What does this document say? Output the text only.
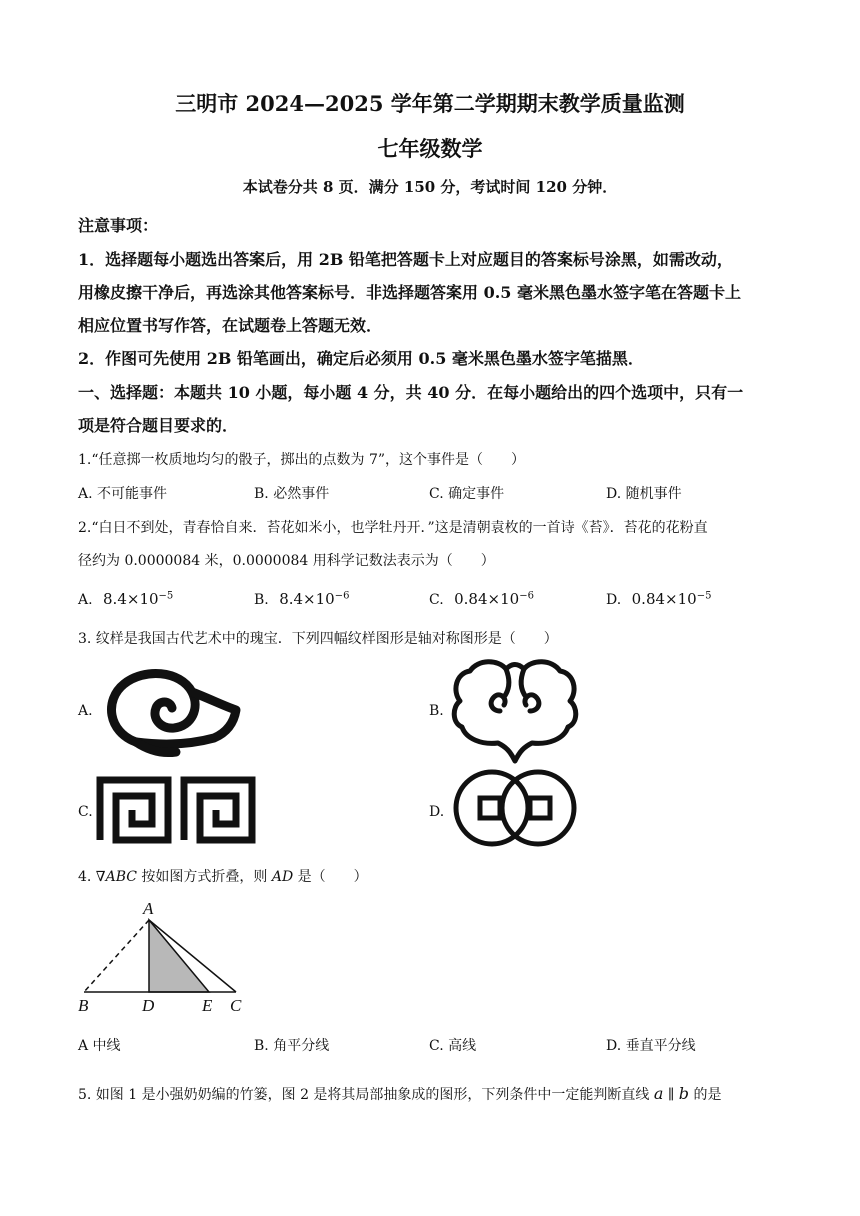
三明市 2024—2025 学年第二学期期末教学质量监测
七年级数学
本试卷分共 8 页．满分 150 分，考试时间 120 分钟．
注意事项：
1．选择题每小题选出答案后，用 2B 铅笔把答题卡上对应题目的答案标号涂黑，如需改动，
用橡皮擦干净后，再选涂其他答案标号．非选择题答案用 0.5 毫米黑色墨水签字笔在答题卡上
相应位置书写作答，在试题卷上答题无效．
2．作图可先使用 2B 铅笔画出，确定后必须用 0.5 毫米黑色墨水签字笔描黑．
一、选择题：本题共 10 小题，每小题 4 分，共 40 分．在每小题给出的四个选项中，只有一
项是符合题目要求的．
1.“任意掷一枚质地均匀的骰子，掷出的点数为 7”，这个事件是（　　）
A. 不可能事件	B. 必然事件	C. 确定事件	D. 随机事件
2.“白日不到处，青春恰自来．苔花如米小，也学牡丹开．”这是清朝袁枚的一首诗《苔》．苔花的花粉直
径约为 0.0000084 米，0.0000084 用科学记数法表示为（　　）
A. $8.4\times 10^{-5}$	B. $8.4\times 10^{-6}$	C. $0.84\times 10^{-6}$	D. $0.84\times 10^{-5}$
3. 纹样是我国古代艺术中的瑰宝．下列四幅纹样图形是轴对称图形是（　　）
A.	B.
C.	D.
4. ∇ABC 按如图方式折叠，则 AD 是（　　）
A
B	D	E C
A 中线	B. 角平分线	C. 高线	D. 垂直平分线
5. 如图 1 是小强奶奶编的竹篓，图 2 是将其局部抽象成的图形，下列条件中一定能判断直线 a ∥ b 的是
